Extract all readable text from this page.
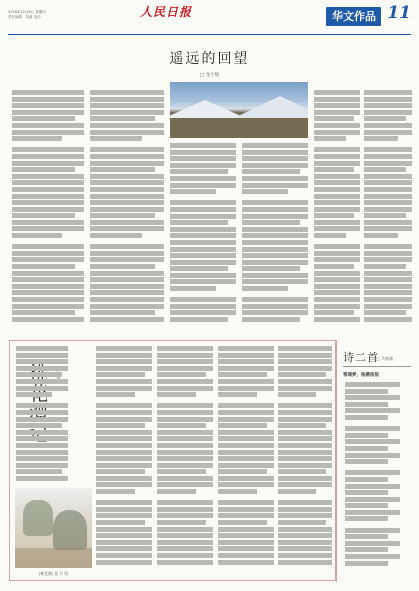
2018年12月6日 星期四
责任编辑：刘盛 电话：	人民日报	华文作品 11
遥远的回望
□ 龙宇航
(桃花潭) 聂 方 绘
诗二首
□ 马家斌
雪域梦，杨柳依依
